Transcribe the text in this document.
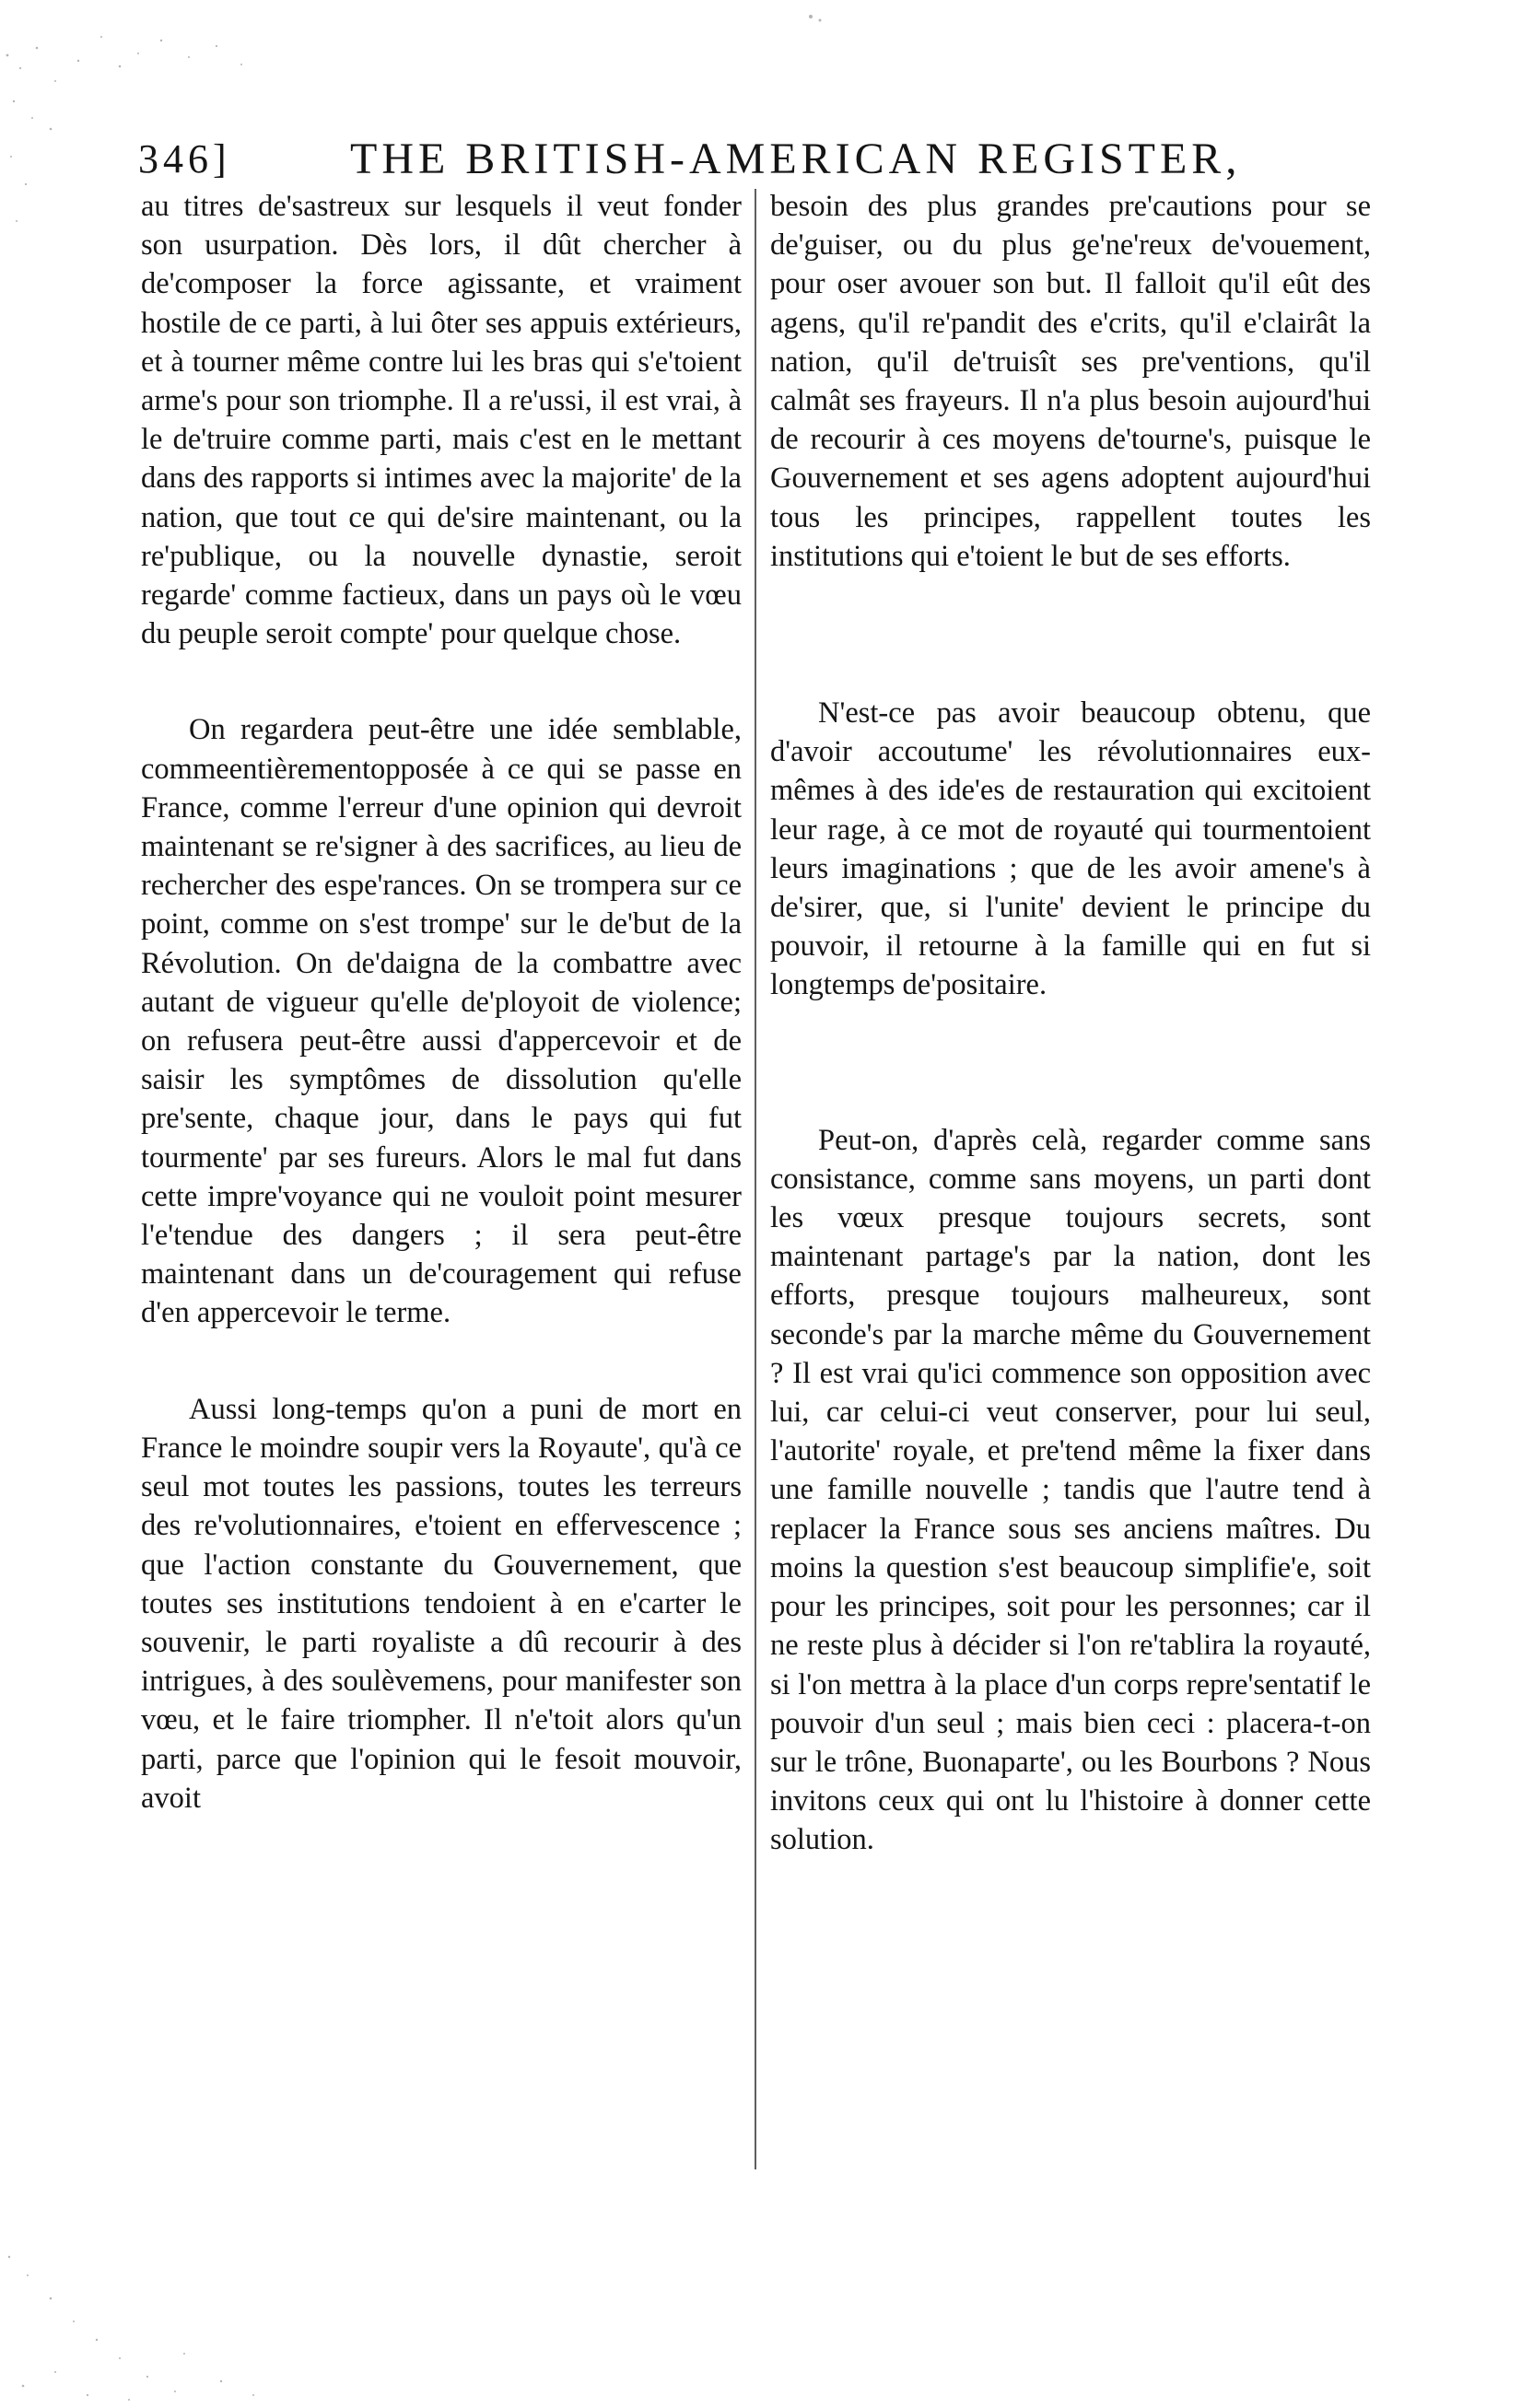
346]	THE BRITISH-AMERICAN REGISTER,

au titres de'sastreux sur lesquels il veut fonder son usurpation. Dès lors, il dût chercher à de'composer la force agissante, et vraiment hostile de ce parti, à lui ôter ses appuis extérieurs, et à tourner même contre lui les bras qui s'e'toient arme's pour son triomphe. Il a re'ussi, il est vrai, à le de'truire comme parti, mais c'est en le mettant dans des rapports si intimes avec la majorite' de la nation, que tout ce qui de'sire maintenant, ou la re'publique, ou la nouvelle dynastie, seroit regarde' comme factieux, dans un pays où le vœu du peuple seroit compte' pour quelque chose.

On regardera peut-être une idée semblable, commeentièrementopposée à ce qui se passe en France, comme l'erreur d'une opinion qui devroit maintenant se re'signer à des sacrifices, au lieu de rechercher des espe'rances. On se trompera sur ce point, comme on s'est trompe' sur le de'but de la Révolution. On de'daigna de la combattre avec autant de vigueur qu'elle de'ployoit de violence; on refusera peut-être aussi d'appercevoir et de saisir les symptômes de dissolution qu'elle pre'sente, chaque jour, dans le pays qui fut tourmente' par ses fureurs. Alors le mal fut dans cette impre'voyance qui ne vouloit point mesurer l'e'tendue des dangers ; il sera peut-être maintenant dans un de'couragement qui refuse d'en appercevoir le terme.

Aussi long-temps qu'on a puni de mort en France le moindre soupir vers la Royaute', qu'à ce seul mot toutes les passions, toutes les terreurs des re'volutionnaires, e'toient en effervescence ; que l'action constante du Gouvernement, que toutes ses institutions tendoient à en e'carter le souvenir, le parti royaliste a dû recourir à des intrigues, à des soulèvemens, pour manifester son vœu, et le faire triompher. Il n'e'toit alors qu'un parti, parce que l'opinion qui le fesoit mouvoir, avoit

besoin des plus grandes pre'cautions pour se de'guiser, ou du plus ge'ne'reux de'vouement, pour oser avouer son but. Il falloit qu'il eût des agens, qu'il re'pandit des e'crits, qu'il e'clairât la nation, qu'il de'truisît ses pre'ventions, qu'il calmât ses frayeurs. Il n'a plus besoin aujourd'hui de recourir à ces moyens de'tourne's, puisque le Gouvernement et ses agens adoptent aujourd'hui tous les principes, rappellent toutes les institutions qui e'toient le but de ses efforts.

N'est-ce pas avoir beaucoup obtenu, que d'avoir accoutume' les révolutionnaires eux-mêmes à des ide'es de restauration qui excitoient leur rage, à ce mot de royauté qui tourmentoient leurs imaginations ; que de les avoir amene's à de'sirer, que, si l'unite' devient le principe du pouvoir, il retourne à la famille qui en fut si longtemps de'positaire.

Peut-on, d'après celà, regarder comme sans consistance, comme sans moyens, un parti dont les vœux presque toujours secrets, sont maintenant partage's par la nation, dont les efforts, presque toujours malheureux, sont seconde's par la marche même du Gouvernement ? Il est vrai qu'ici commence son opposition avec lui, car celui-ci veut conserver, pour lui seul, l'autorite' royale, et pre'tend même la fixer dans une famille nouvelle ; tandis que l'autre tend à replacer la France sous ses anciens maîtres. Du moins la question s'est beaucoup simplifie'e, soit pour les principes, soit pour les personnes; car il ne reste plus à décider si l'on re'tablira la royauté, si l'on mettra à la place d'un corps repre'sentatif le pouvoir d'un seul ; mais bien ceci : placera-t-on sur le trône, Buonaparte', ou les Bourbons ? Nous invitons ceux qui ont lu l'histoire à donner cette solution.
